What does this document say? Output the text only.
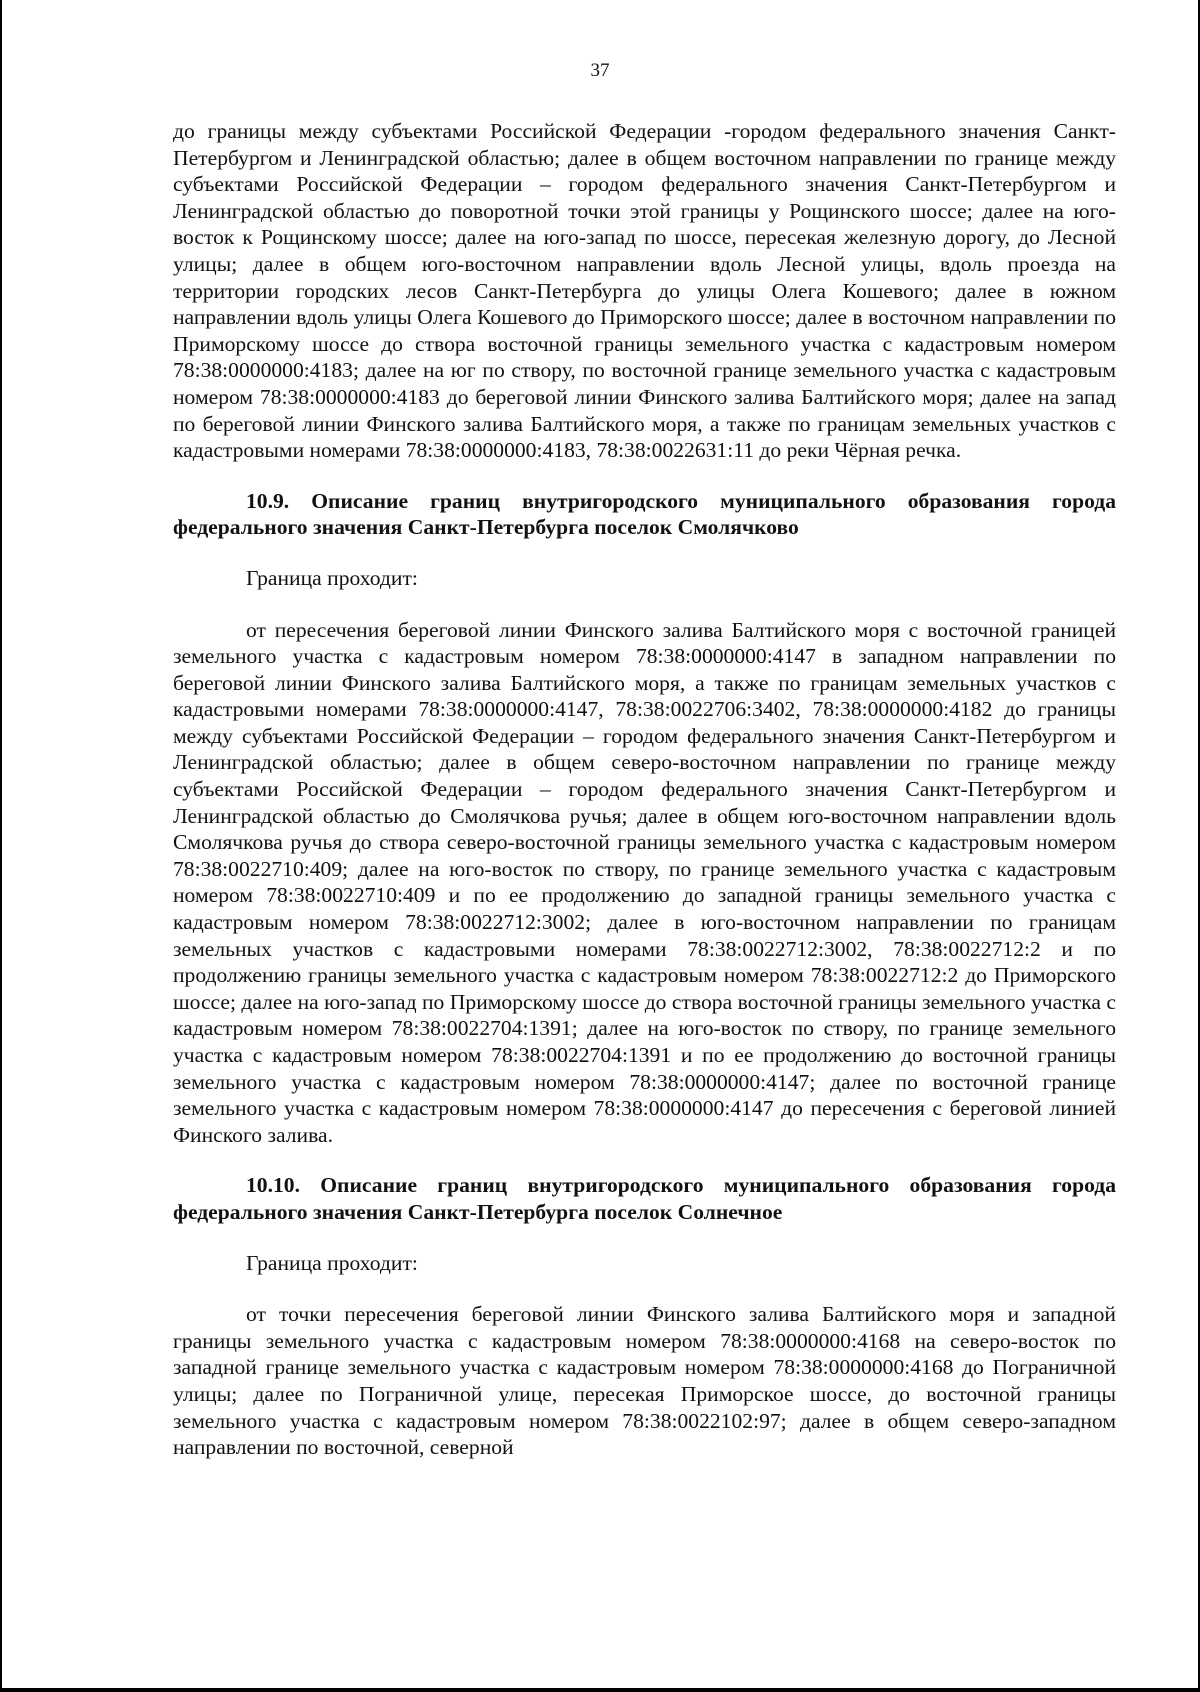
37

до границы между субъектами Российской Федерации -городом федерального значения Санкт-Петербургом и Ленинградской областью; далее в общем восточном направлении по границе между субъектами Российской Федерации – городом федерального значения Санкт-Петербургом и Ленинградской областью до поворотной точки этой границы у Рощинского шоссе; далее на юго-восток к Рощинскому шоссе; далее на юго-запад по шоссе, пересекая железную дорогу, до Лесной улицы; далее в общем юго-восточном направлении вдоль Лесной улицы, вдоль проезда на территории городских лесов Санкт-Петербурга до улицы Олега Кошевого; далее в южном направлении вдоль улицы Олега Кошевого до Приморского шоссе; далее в восточном направлении по Приморскому шоссе до створа восточной границы земельного участка с кадастровым номером 78:38:0000000:4183; далее на юг по створу, по восточной границе земельного участка с кадастровым номером 78:38:0000000:4183 до береговой линии Финского залива Балтийского моря; далее на запад по береговой линии Финского залива Балтийского моря, а также по границам земельных участков с кадастровыми номерами 78:38:0000000:4183, 78:38:0022631:11 до реки Чёрная речка.

10.9. Описание границ внутригородского муниципального образования города федерального значения Санкт-Петербурга поселок Смолячково

Граница проходит:

от пересечения береговой линии Финского залива Балтийского моря с восточной границей земельного участка с кадастровым номером 78:38:0000000:4147 в западном направлении по береговой линии Финского залива Балтийского моря, а также по границам земельных участков с кадастровыми номерами 78:38:0000000:4147, 78:38:0022706:3402, 78:38:0000000:4182 до границы между субъектами Российской Федерации – городом федерального значения Санкт-Петербургом и Ленинградской областью; далее в общем северо-восточном направлении по границе между субъектами Российской Федерации – городом федерального значения Санкт-Петербургом и Ленинградской областью до Смолячкова ручья; далее в общем юго-восточном направлении вдоль Смолячкова ручья до створа северо-восточной границы земельного участка с кадастровым номером 78:38:0022710:409; далее на юго-восток по створу, по границе земельного участка с кадастровым номером 78:38:0022710:409 и по ее продолжению до западной границы земельного участка с кадастровым номером 78:38:0022712:3002; далее в юго-восточном направлении по границам земельных участков с кадастровыми номерами 78:38:0022712:3002, 78:38:0022712:2 и по продолжению границы земельного участка с кадастровым номером 78:38:0022712:2 до Приморского шоссе; далее на юго-запад по Приморскому шоссе до створа восточной границы земельного участка с кадастровым номером 78:38:0022704:1391; далее на юго-восток по створу, по границе земельного участка с кадастровым номером 78:38:0022704:1391 и по ее продолжению до восточной границы земельного участка с кадастровым номером 78:38:0000000:4147; далее по восточной границе земельного участка с кадастровым номером 78:38:0000000:4147 до пересечения с береговой линией Финского залива.

10.10. Описание границ внутригородского муниципального образования города федерального значения Санкт-Петербурга поселок Солнечное

Граница проходит:

от точки пересечения береговой линии Финского залива Балтийского моря и западной границы земельного участка с кадастровым номером 78:38:0000000:4168 на северо-восток по западной границе земельного участка с кадастровым номером 78:38:0000000:4168 до Пограничной улицы; далее по Пограничной улице, пересекая Приморское шоссе, до восточной границы земельного участка с кадастровым номером 78:38:0022102:97; далее в общем северо-западном направлении по восточной, северной
